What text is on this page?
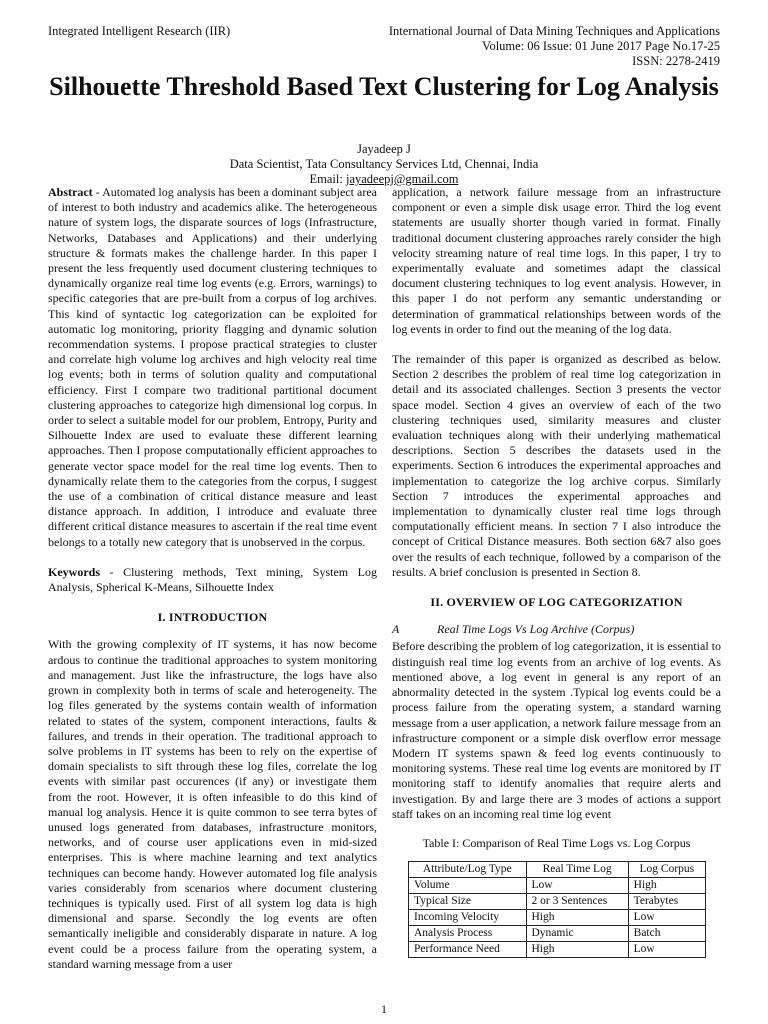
Integrated Intelligent Research (IIR)	International Journal of Data Mining Techniques and Applications
Volume: 06 Issue: 01 June 2017 Page No.17-25
ISSN: 2278-2419
Silhouette Threshold Based Text Clustering for Log Analysis
Jayadeep J
Data Scientist, Tata Consultancy Services Ltd, Chennai, India
Email: jayadeepj@gmail.com

Abstract - Automated log analysis has been a dominant subject area of interest to both industry and academics alike. The heterogeneous nature of system logs, the disparate sources of logs (Infrastructure, Networks, Databases and Applications) and their underlying structure & formats makes the challenge harder. In this paper I present the less frequently used document clustering techniques to dynamically organize real time log events (e.g. Errors, warnings) to specific categories that are pre-built from a corpus of log archives. This kind of syntactic log categorization can be exploited for automatic log monitoring, priority flagging and dynamic solution recommendation systems. I propose practical strategies to cluster and correlate high volume log archives and high velocity real time log events; both in terms of solution quality and computational efficiency. First I compare two traditional partitional document clustering approaches to categorize high dimensional log corpus. In order to select a suitable model for our problem, Entropy, Purity and Silhouette Index are used to evaluate these different learning approaches. Then I propose computationally efficient approaches to generate vector space model for the real time log events. Then to dynamically relate them to the categories from the corpus, I suggest the use of a combination of critical distance measure and least distance approach. In addition, I introduce and evaluate three different critical distance measures to ascertain if the real time event belongs to a totally new category that is unobserved in the corpus.

Keywords - Clustering methods, Text mining, System Log Analysis, Spherical K-Means, Silhouette Index

I. INTRODUCTION

With the growing complexity of IT systems, it has now become ardous to continue the traditional approaches to system monitoring and management. Just like the infrastructure, the logs have also grown in complexity both in terms of scale and heterogeneity. The log files generated by the systems contain wealth of information related to states of the system, component interactions, faults & failures, and trends in their operation. The traditional approach to solve problems in IT systems has been to rely on the expertise of domain specialists to sift through these log files, correlate the log events with similar past occurences (if any) or investigate them from the root. However, it is often infeasible to do this kind of manual log analysis. Hence it is quite common to see terra bytes of unused logs generated from databases, infrastructure monitors, networks, and of course user applications even in mid-sized enterprises. This is where machine learning and text analytics techniques can become handy. However automated log file analysis varies considerably from scenarios where document clustering techniques is typically used. First of all system log data is high dimensional and sparse. Secondly the log events are often semantically ineligible and considerably disparate in nature. A log event could be a process failure from the operating system, a standard warning message from a user

application, a network failure message from an infrastructure component or even a simple disk usage error. Third the log event statements are usually shorter though varied in format. Finally traditional document clustering approaches rarely consider the high velocity streaming nature of real time logs. In this paper, I try to experimentally evaluate and sometimes adapt the classical document clustering techniques to log event analysis. However, in this paper I do not perform any semantic understanding or determination of grammatical relationships between words of the log events in order to find out the meaning of the log data.

The remainder of this paper is organized as described as below. Section 2 describes the problem of real time log categorization in detail and its associated challenges. Section 3 presents the vector space model. Section 4 gives an overview of each of the two clustering techniques used, similarity measures and cluster evaluation techniques along with their underlying mathematical descriptions. Section 5 describes the datasets used in the experiments. Section 6 introduces the experimental approaches and implementation to categorize the log archive corpus. Similarly Section 7 introduces the experimental approaches and implementation to dynamically cluster real time logs through computationally efficient means. In section 7 I also introduce the concept of Critical Distance measures. Both section 6&7 also goes over the results of each technique, followed by a comparison of the results. A brief conclusion is presented in Section 8.

II. OVERVIEW OF LOG CATEGORIZATION
A	Real Time Logs Vs Log Archive (Corpus)

Before describing the problem of log categorization, it is essential to distinguish real time log events from an archive of log events. As mentioned above, a log event in general is any report of an abnormality detected in the system .Typical log events could be a process failure from the operating system, a standard warning message from a user application, a network failure message from an infrastructure component or a simple disk overflow error message Modern IT systems spawn & feed log events continuously to monitoring systems. These real time log events are monitored by IT monitoring staff to identify anomalies that require alerts and investigation. By and large there are 3 modes of actions a support staff takes on an incoming real time log event

Table I: Comparison of Real Time Logs vs. Log Corpus
Attribute/Log Type	Real Time Log	Log Corpus
Volume	Low	High
Typical Size	2 or 3 Sentences	Terabytes
Incoming Velocity	High	Low
Analysis Process	Dynamic	Batch
Performance Need	High	Low
1
